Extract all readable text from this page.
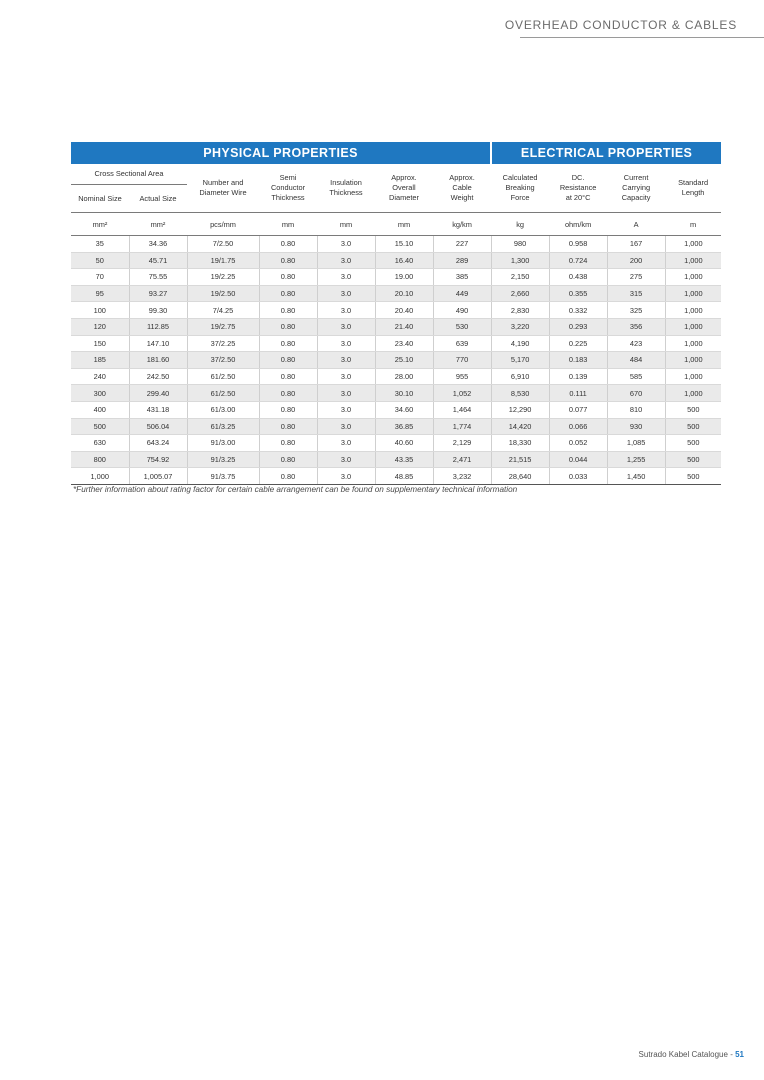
OVERHEAD CONDUCTOR & CABLES
PHYSICAL PROPERTIES							ELECTRICAL PROPERTIES			
Cross Sectional Area		Number and Diameter Wire	Semi Conductor Thickness	Insulation Thickness	Approx. Overall Diameter	Approx. Cable Weight	Calculated Breaking Force	DC. Resistance at 20°C	Current Carrying Capacity	Standard Length
Nominal Size	Actual Size									
mm²	mm²	pcs/mm	mm	mm	mm	kg/km	kg	ohm/km	A	m
35	34.36	7/2.50	0.80	3.0	15.10	227	980	0.958	167	1,000
50	45.71	19/1.75	0.80	3.0	16.40	289	1,300	0.724	200	1,000
70	75.55	19/2.25	0.80	3.0	19.00	385	2,150	0.438	275	1,000
95	93.27	19/2.50	0.80	3.0	20.10	449	2,660	0.355	315	1,000
100	99.30	7/4.25	0.80	3.0	20.40	490	2,830	0.332	325	1,000
120	112.85	19/2.75	0.80	3.0	21.40	530	3,220	0.293	356	1,000
150	147.10	37/2.25	0.80	3.0	23.40	639	4,190	0.225	423	1,000
185	181.60	37/2.50	0.80	3.0	25.10	770	5,170	0.183	484	1,000
240	242.50	61/2.50	0.80	3.0	28.00	955	6,910	0.139	585	1,000
300	299.40	61/2.50	0.80	3.0	30.10	1,052	8,530	0.111	670	1,000
400	431.18	61/3.00	0.80	3.0	34.60	1,464	12,290	0.077	810	500
500	506.04	61/3.25	0.80	3.0	36.85	1,774	14,420	0.066	930	500
630	643.24	91/3.00	0.80	3.0	40.60	2,129	18,330	0.052	1,085	500
800	754.92	91/3.25	0.80	3.0	43.35	2,471	21,515	0.044	1,255	500
1,000	1,005.07	91/3.75	0.80	3.0	48.85	3,232	28,640	0.033	1,450	500
*Further information about rating factor for certain cable arrangement can be found on supplementary technical information
Sutrado Kabel Catalogue - 51
